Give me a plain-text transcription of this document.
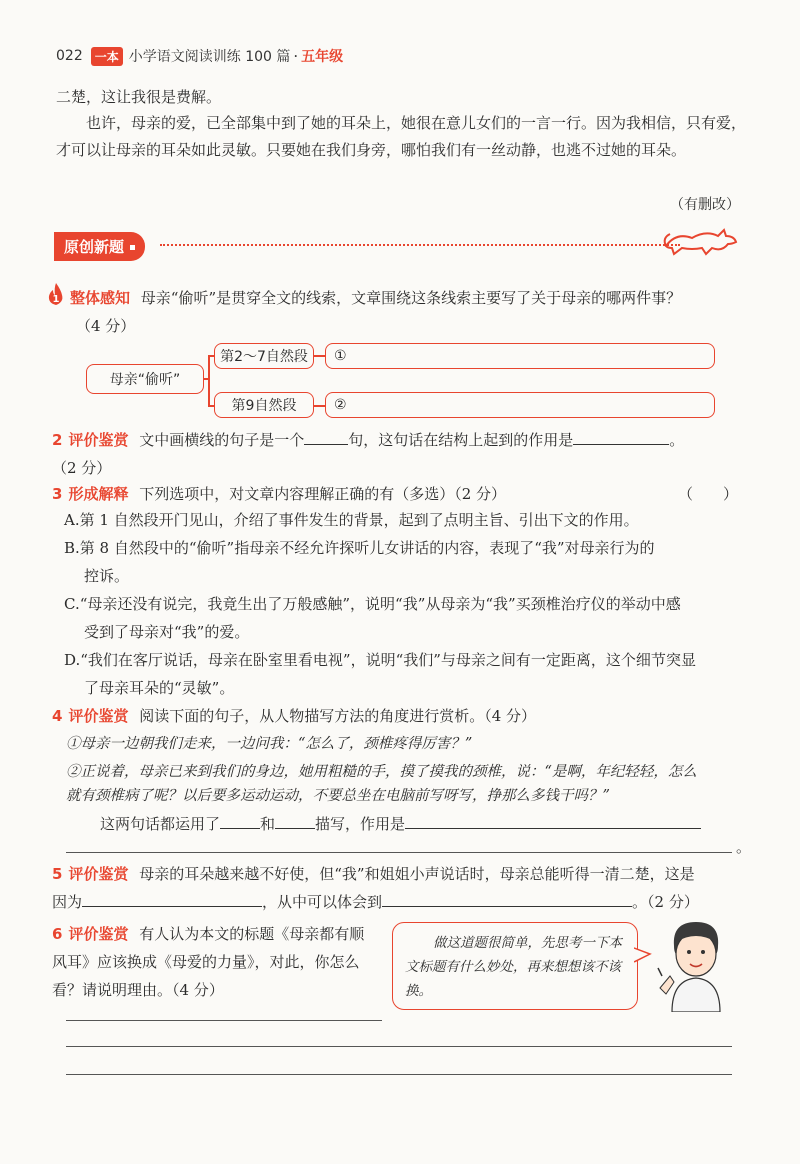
022	一本 小学语文阅读训练 100 篇 · 五年级
二楚，这让我很是费解。
也许，母亲的爱，已全部集中到了她的耳朵上，她很在意儿女们的一言一行。因为我相信，只有爱，才可以让母亲的耳朵如此灵敏。只要她在我们身旁，哪怕我们有一丝动静，也逃不过她的耳朵。
（有删改）
原创新题
1 整体感知 母亲“偷听”是贯穿全文的线索，文章围绕这条线索主要写了关于母亲的哪两件事？
（4 分）
母亲“偷听”
第2～7自然段	①
第9自然段	②
2 评价鉴赏 文中画横线的句子是一个	句，这句话在结构上起到的作用是	。
（2 分）
3 形成解释 下列选项中，对文章内容理解正确的有（多选）（2 分）	（　　）
A.第 1 自然段开门见山，介绍了事件发生的背景，起到了点明主旨、引出下文的作用。
B.第 8 自然段中的“偷听”指母亲不经允许探听儿女讲话的内容，表现了“我”对母亲行为的
控诉。
C.“母亲还没有说完，我竟生出了万般感触”，说明“我”从母亲为“我”买颈椎治疗仪的举动中感
受到了母亲对“我”的爱。
D.“我们在客厅说话，母亲在卧室里看电视”，说明“我们”与母亲之间有一定距离，这个细节突显
了母亲耳朵的“灵敏”。
4 评价鉴赏 阅读下面的句子，从人物描写方法的角度进行赏析。（4 分）
①母亲一边朝我们走来，一边问我：“怎么了，颈椎疼得厉害？”
②正说着，母亲已来到我们的身边，她用粗糙的手，摸了摸我的颈椎，说：“是啊，年纪轻轻，怎么
就有颈椎病了呢？以后要多运动运动，不要总坐在电脑前写呀写，挣那么多钱干吗？”
这两句话都运用了	和	描写，作用是
。
5 评价鉴赏 母亲的耳朵越来越不好使，但“我”和姐姐小声说话时，母亲总能听得一清二楚，这是
因为	，从中可以体会到	。（2 分）
6 评价鉴赏 有人认为本文的标题《母亲都有顺
风耳》应该换成《母爱的力量》，对此，你怎么
看？请说明理由。（4 分）
做这道题很简单，先思考一下本文标题有什么妙处，再来想想该不该换。
